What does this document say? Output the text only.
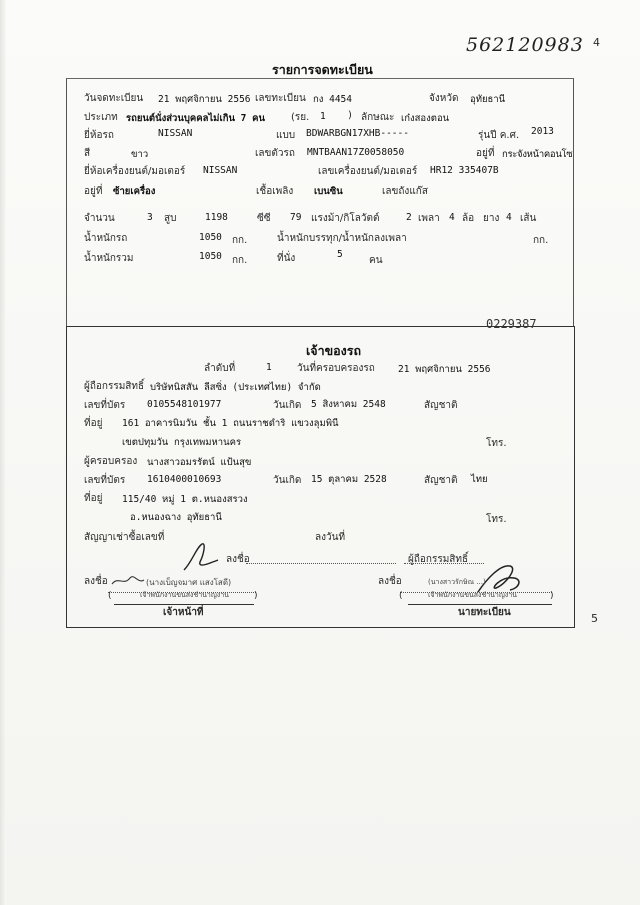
562120983 4
รายการจดทะเบียน
วันจดทะเบียน 21 พฤศจิกายน 2556 เลขทะเบียน กง 4454	จังหวัด อุทัยธานี
ประเภท รถยนต์นั่งส่วนบุคคลไม่เกิน 7 คน	(รย. 1 ) ลักษณะ เก๋งสองตอน
ยี่ห้อรถ	NISSAN	แบบ BDWARBGN17XHB-----	รุ่นปี ค.ศ. 2013
สี	ขาว	เลขตัวรถ MNTBAAN17Z0058050	อยู่ที่ กระจังหน้าคอนโซ
ยี่ห้อเครื่องยนต์/มอเตอร์ NISSAN	เลขเครื่องยนต์/มอเตอร์ HR12 335407B
อยู่ที่ ซ้ายเครื่อง	เชื้อเพลิง เบนซิน	เลขถังแก๊ส
จำนวน	3 สูบ	1198	ซีซี 79 แรงม้า/กิโลวัตต์	2 เพลา 4 ล้อ ยาง 4 เส้น
น้ำหนักรถ	1050 กก.	น้ำหนักบรรทุก/น้ำหนักลงเพลา	กก.
น้ำหนักรวม	1050 กก.	ที่นั่ง	5
คน
0229387
เจ้าของรถ
ลำดับที่	1	วันที่ครอบครองรถ 21 พฤศจิกายน 2556
ผู้ถือกรรมสิทธิ์ บริษัทนิสสัน ลีสซิ่ง (ประเทศไทย) จำกัด
เลขที่บัตร 0105548101977	วันเกิด 5 สิงหาคม 2548	สัญชาติ
ที่อยู่ 161 อาคารนิมวัน ชั้น 1 ถนนราชดำริ แขวงลุมพินี
เขตปทุมวัน กรุงเทพมหานคร	โทร.
ผู้ครอบครอง นางสาวอมรรัตน์ แป้นสุข
เลขที่บัตร 1610400010693	วันเกิด 15 ตุลาคม 2528	สัญชาติ ไทย
ที่อยู่ 115/40 หมู่ 1 ต.หนองสรวง
อ.หนองฉาง อุทัยธานี	โทร.
สัญญาเช่าซื้อเลขที่	ลงวันที่
ลงชื่อ	ผู้ถือกรรมสิทธิ์
ลงชื่อ	(นางเบ็ญจมาศ แสงโสดี)
เจ้าพนักงานขนส่งชำนาญงาน
(	)
เจ้าหน้าที่
ลงชื่อ	(นางสาวรักษิณ ...)
เจ้าพนักงานขนส่งชำนาญงาน
(	)
นายทะเบียน	5
